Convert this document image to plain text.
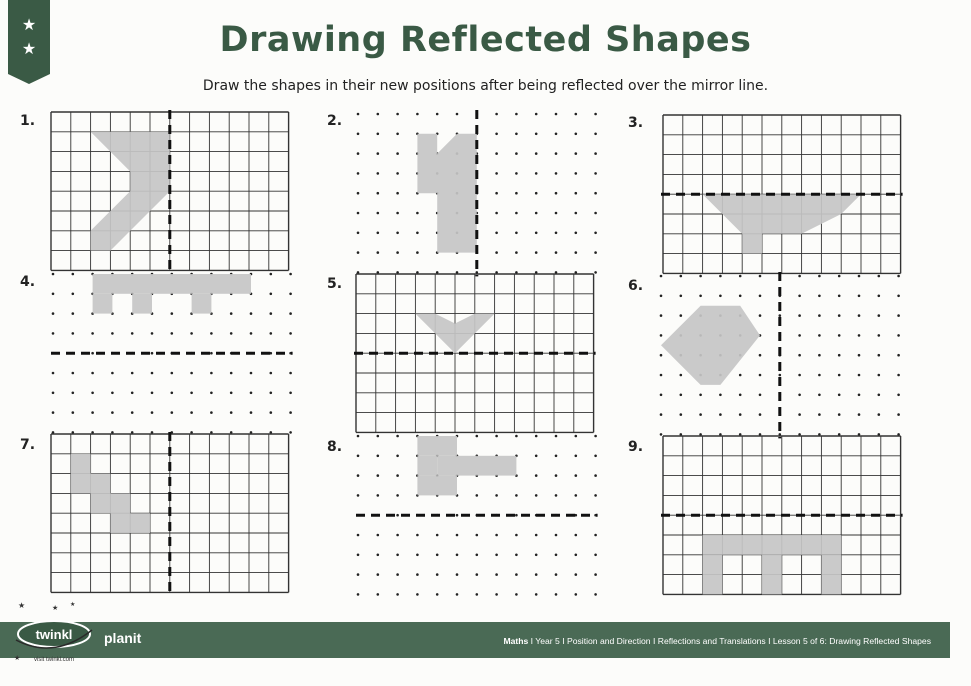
★
★	Drawing Reflected Shapes
Draw the shapes in their new positions after being reflected over the mirror line.
1.	2.	3.
4.	5.	6.
7.	8.	9.
★	★ ★
★
twinkl planit
visit twinkl.com
Maths I Year 5 I Position and Direction I Reflections and Translations I Lesson 5 of 6: Drawing Reflected Shapes
